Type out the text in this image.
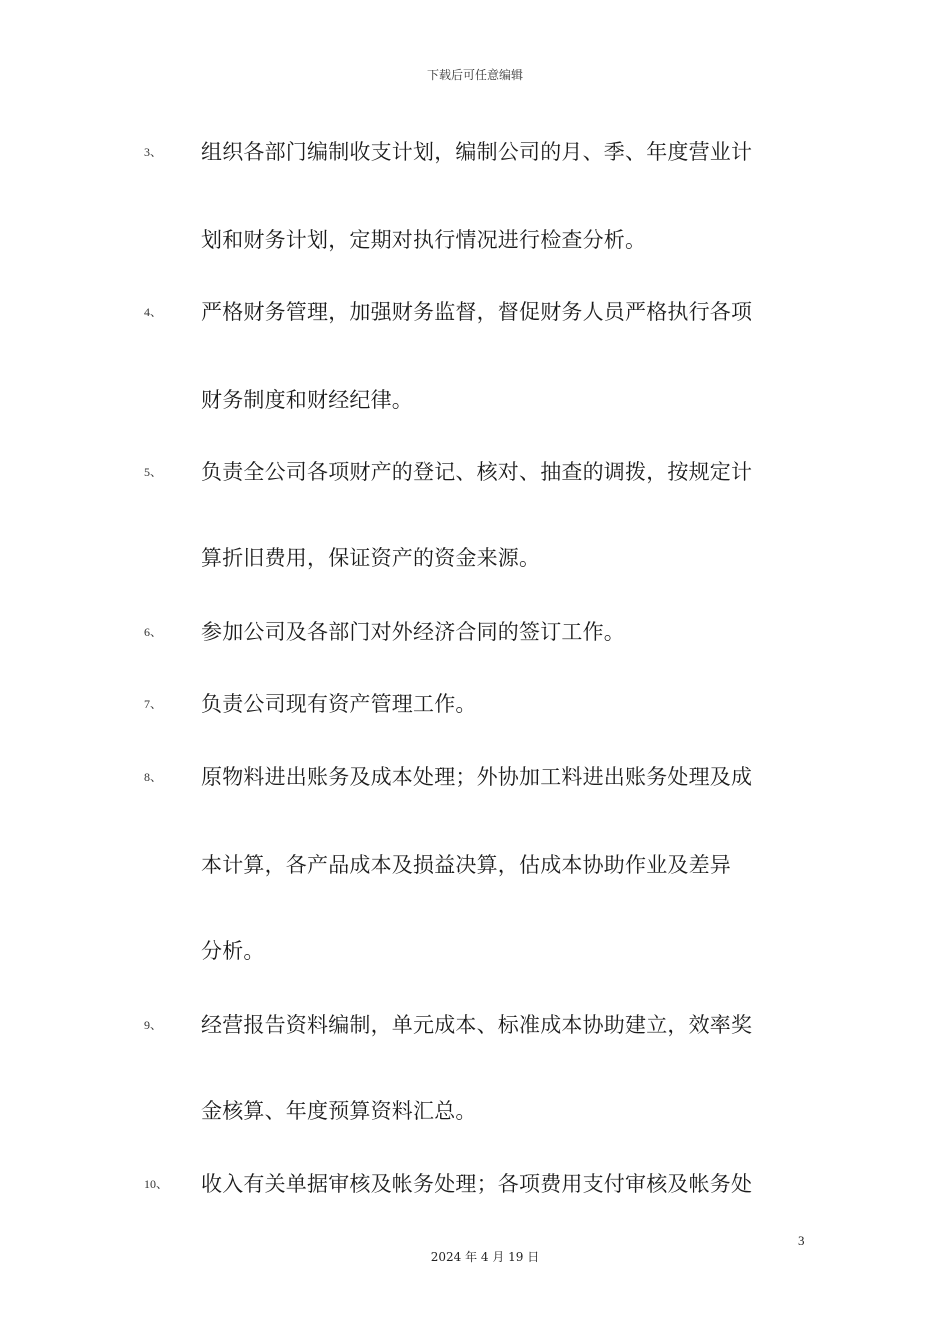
下载后可任意编辑
3、 组织各部门编制收支计划，编制公司的月、季、年度营业计
划和财务计划，定期对执行情况进行检查分析。
4、 严格财务管理，加强财务监督，督促财务人员严格执行各项
财务制度和财经纪律。
5、 负责全公司各项财产的登记、核对、抽查的调拨，按规定计
算折旧费用，保证资产的资金来源。
6、 参加公司及各部门对外经济合同的签订工作。
7、 负责公司现有资产管理工作。
8、 原物料进出账务及成本处理；外协加工料进出账务处理及成
本计算，各产品成本及损益决算，估成本协助作业及差异
分析。
9、 经营报告资料编制，单元成本、标准成本协助建立，效率奖
金核算、年度预算资料汇总。
10、 收入有关单据审核及帐务处理；各项费用支付审核及帐务处
3
2024 年 4 月 19 日
